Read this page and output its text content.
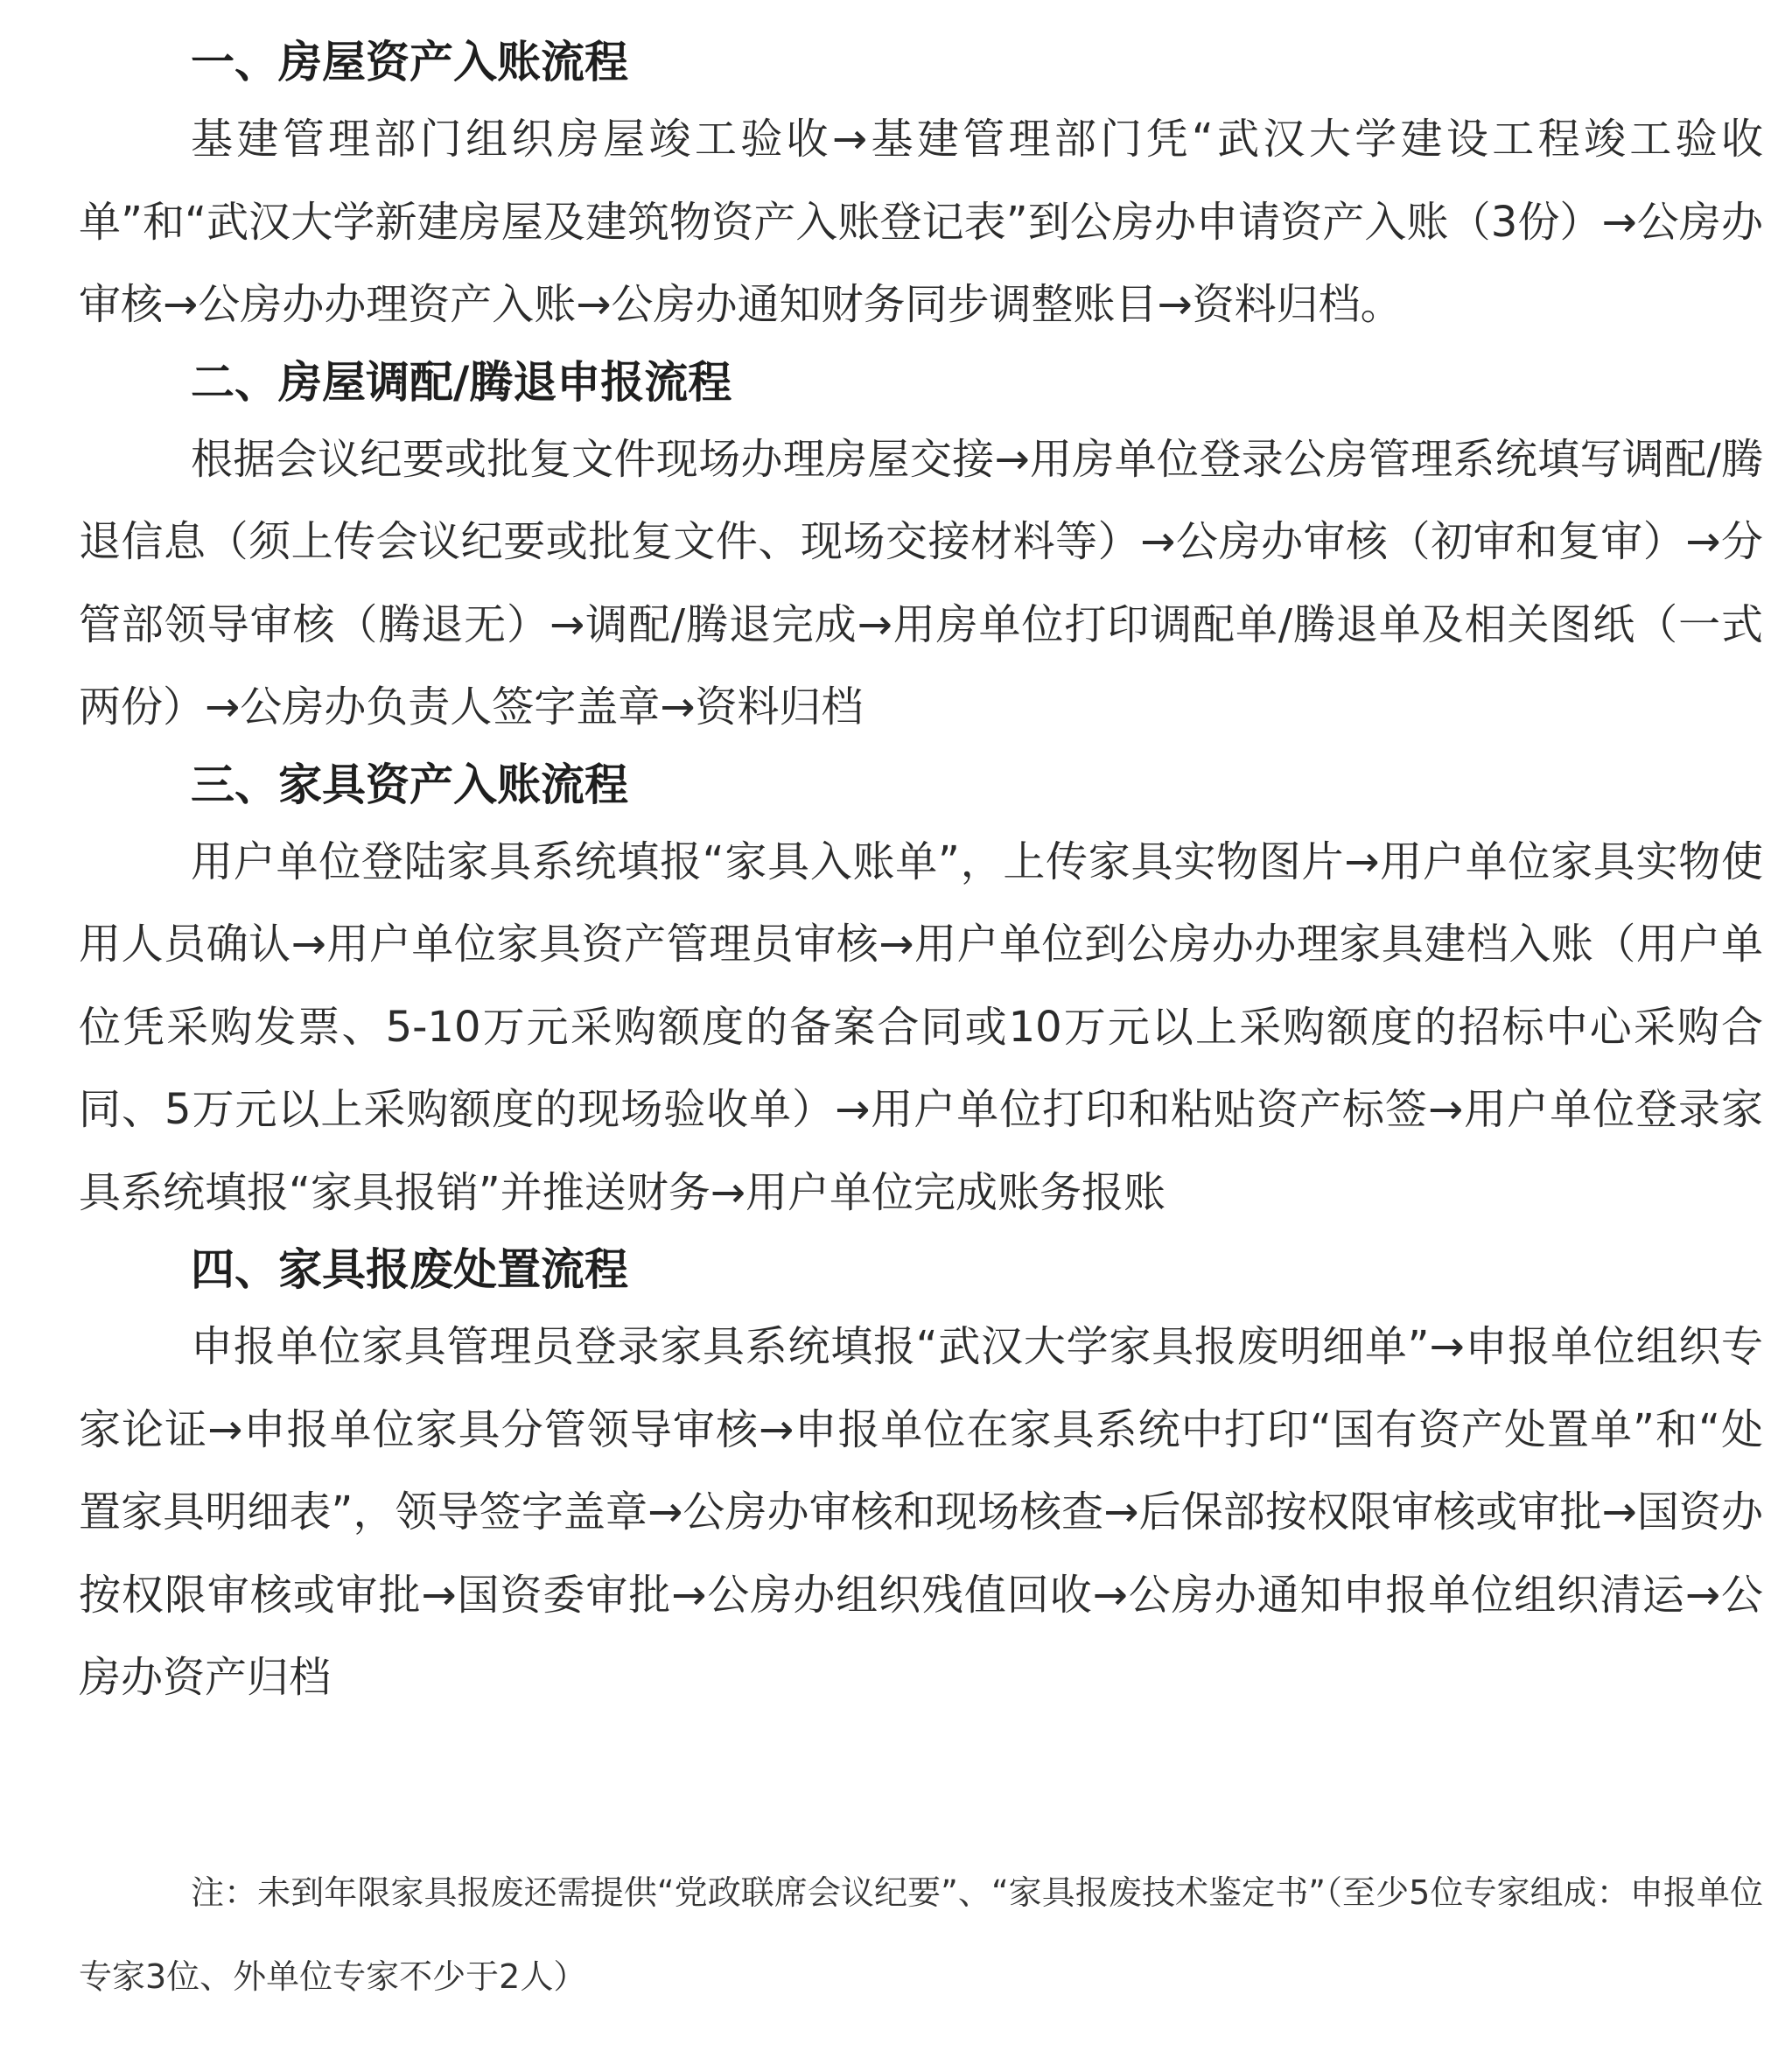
一、房屋资产入账流程

基建管理部门组织房屋竣工验收→基建管理部门凭“武汉大学建设工程竣工验收单”和“武汉大学新建房屋及建筑物资产入账登记表”到公房办申请资产入账（3份）→公房办审核→公房办办理资产入账→公房办通知财务同步调整账目→资料归档。

二、房屋调配/腾退申报流程

根据会议纪要或批复文件现场办理房屋交接→用房单位登录公房管理系统填写调配/腾退信息（须上传会议纪要或批复文件、现场交接材料等）→公房办审核（初审和复审）→分管部领导审核（腾退无）→调配/腾退完成→用房单位打印调配单/腾退单及相关图纸（一式两份）→公房办负责人签字盖章→资料归档

三、家具资产入账流程

用户单位登陆家具系统填报“家具入账单”，上传家具实物图片→用户单位家具实物使用人员确认→用户单位家具资产管理员审核→用户单位到公房办办理家具建档入账（用户单位凭采购发票、5-10万元采购额度的备案合同或10万元以上采购额度的招标中心采购合同、5万元以上采购额度的现场验收单）→用户单位打印和粘贴资产标签→用户单位登录家具系统填报“家具报销”并推送财务→用户单位完成账务报账

四、家具报废处置流程

申报单位家具管理员登录家具系统填报“武汉大学家具报废明细单”→申报单位组织专家论证→申报单位家具分管领导审核→申报单位在家具系统中打印“国有资产处置单”和“处置家具明细表”，领导签字盖章→公房办审核和现场核查→后保部按权限审核或审批→国资办按权限审核或审批→国资委审批→公房办组织残值回收→公房办通知申报单位组织清运→公房办资产归档

注：未到年限家具报废还需提供“党政联席会议纪要”、“家具报废技术鉴定书”（至少5位专家组成：申报单位专家3位、外单位专家不少于2人）
